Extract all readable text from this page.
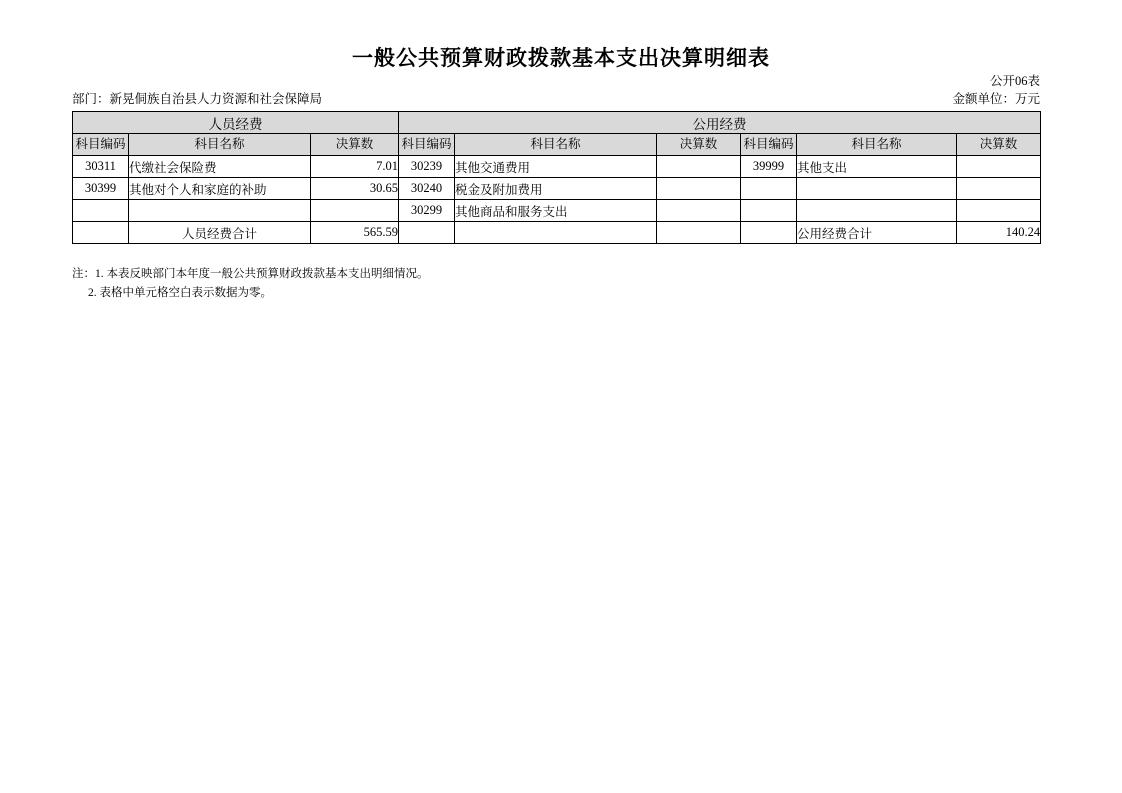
一般公共预算财政拨款基本支出决算明细表
公开06表
部门：新晃侗族自治县人力资源和社会保障局	金额单位：万元
人员经费			公用经费					
科目编码	科目名称	决算数	科目编码	科目名称	决算数	科目编码	科目名称	决算数
30311	代缴社会保险费	7.01	30239	其他交通费用		39999	其他支出	
30399	其他对个人和家庭的补助	30.65	30240	税金及附加费用				
			30299	其他商品和服务支出				
	人员经费合计	565.59					公用经费合计	140.24
注：1. 本表反映部门本年度一般公共预算财政拨款基本支出明细情况。
2. 表格中单元格空白表示数据为零。
